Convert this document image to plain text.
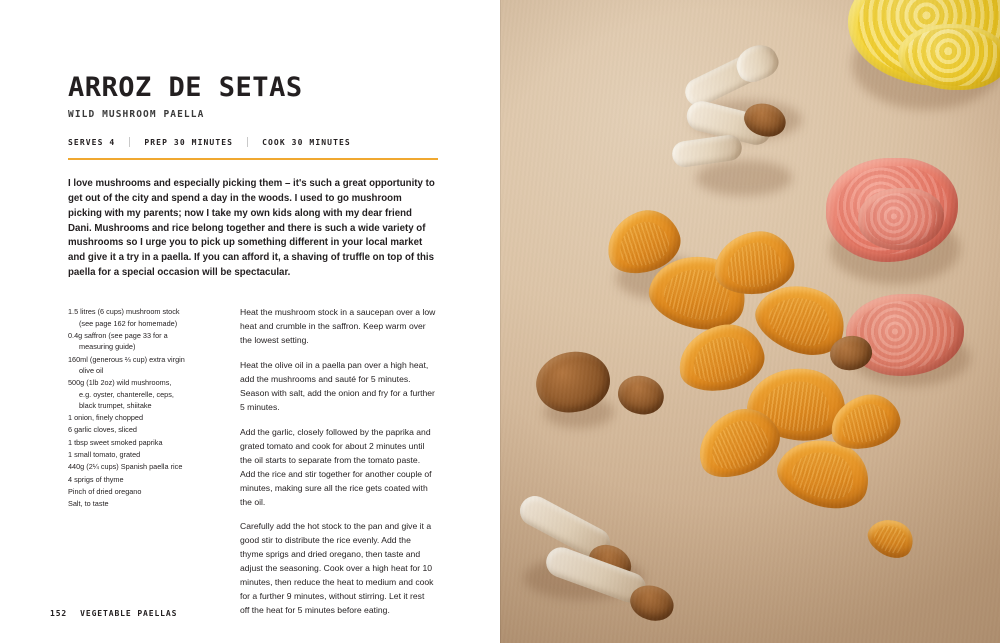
ARROZ DE SETAS
WILD MUSHROOM PAELLA
SERVES 4	PREP 30 MINUTES	COOK 30 MINUTES

I love mushrooms and especially picking them – it's such a great opportunity to get out of the city and spend a day in the woods. I used to go mushroom picking with my parents; now I take my own kids along with my dear friend Dani. Mushrooms and rice belong together and there is such a wide variety of mushrooms so I urge you to pick up something different in your local market and give it a try in a paella. If you can afford it, a shaving of truffle on top of this paella for a special occasion will be spectacular.

1.5 litres (6 cups) mushroom stock
(see page 162 for homemade)
0.4g saffron (see page 33 for a
measuring guide)
160ml (generous ⅔ cup) extra virgin
olive oil
500g (1lb 2oz) wild mushrooms,
e.g. oyster, chanterelle, ceps,
black trumpet, shiitake
1 onion, finely chopped
6 garlic cloves, sliced
1 tbsp sweet smoked paprika
1 small tomato, grated
440g (2¼ cups) Spanish paella rice
4 sprigs of thyme
Pinch of dried oregano
Salt, to taste

Heat the mushroom stock in a saucepan over a low heat and crumble in the saffron. Keep warm over the lowest setting.

Heat the olive oil in a paella pan over a high heat, add the mushrooms and sauté for 5 minutes. Season with salt, add the onion and fry for a further 5 minutes.

Add the garlic, closely followed by the paprika and grated tomato and cook for about 2 minutes until the oil starts to separate from the tomato paste. Add the rice and stir together for another couple of minutes, making sure all the rice gets coated with the oil.

Carefully add the hot stock to the pan and give it a good stir to distribute the rice evenly. Add the thyme sprigs and dried oregano, then taste and adjust the seasoning. Cook over a high heat for 10 minutes, then reduce the heat to medium and cook for a further 9 minutes, without stirring. Let it rest off the heat for 5 minutes before eating.

152 VEGETABLE PAELLAS
